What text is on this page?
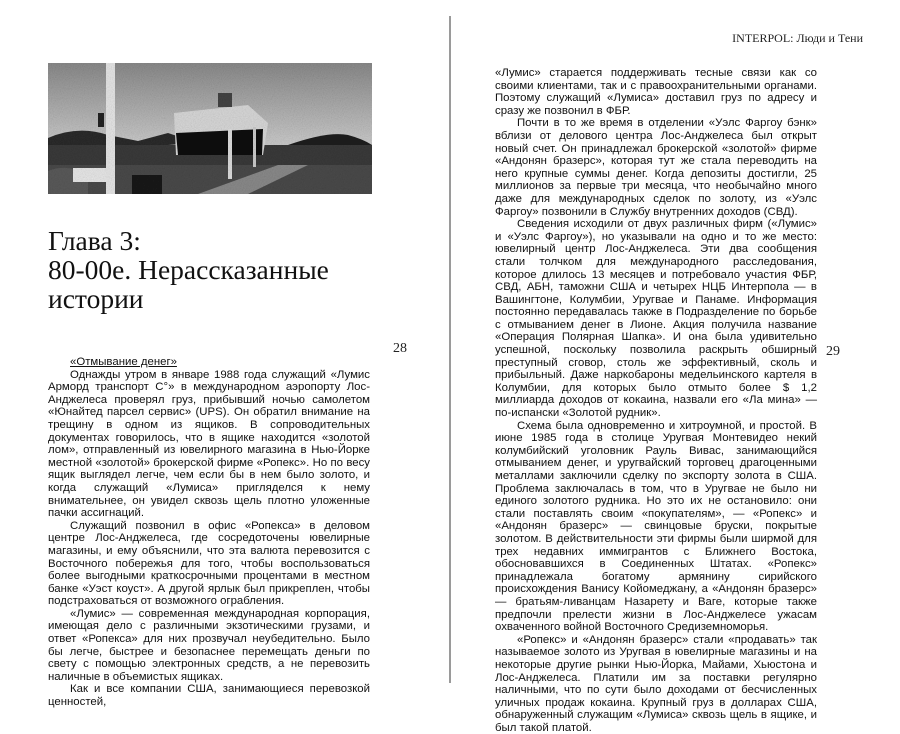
Глава 3:
80-00е. Нерассказанные
истории
28
«Отмывание денег»

Однажды утром в январе 1988 года служащий «Лумис Арморд транспорт С°» в международном аэропорту Лос-Анджелеса проверял груз, прибывший ночью самолетом «Юнайтед парсел сервис» (UPS). Он обратил внимание на трещину в одном из ящиков. В сопроводительных документах говорилось, что в ящике находится «золотой лом», отправленный из ювелирного магазина в Нью-Йорке местной «золотой» брокерской фирме «Ропекс». Но по весу ящик выглядел легче, чем если бы в нем было золото, и когда служащий «Лумиса» пригляделся к нему внимательнее, он увидел сквозь щель плотно уложенные пачки ассигнаций.

Служащий позвонил в офис «Ропекса» в деловом центре Лос-Анджелеса, где сосредоточены ювелирные магазины, и ему объяснили, что эта валюта перевозится с Восточного побережья для того, чтобы воспользоваться более выгодными краткосрочными процентами в местном банке «Уэст коуст». А другой ярлык был прикреплен, чтобы подстраховаться от возможного ограбления.

«Лумис» — современная международная корпорация, имеющая дело с различными экзотическими грузами, и ответ «Ропекса» для них прозвучал неубедительно. Было бы легче, быстрее и безопаснее перемещать деньги по свету с помощью электронных средств, а не перевозить наличные в объемистых ящиках.

Как и все компании США, занимающиеся перевозкой ценностей,

INTERPOL: Люди и Тени
29

«Лумис» старается поддерживать тесные связи как со своими клиентами, так и с правоохранительными органами. Поэтому служащий «Лумиса» доставил груз по адресу и сразу же позвонил в ФБР.

Почти в то же время в отделении «Уэлс Фаргоу бэнк» вблизи от делового центра Лос-Анджелеса был открыт новый счет. Он принадлежал брокерской «золотой» фирме «Андонян бразерс», которая тут же стала переводить на него крупные суммы денег. Когда депозиты достигли, 25 миллионов за первые три месяца, что необычайно много даже для международных сделок по золоту, из «Уэлс Фаргоу» позвонили в Службу внутренних доходов (СВД).

Сведения исходили от двух различных фирм («Лумис» и «Уэлс Фаргоу»), но указывали на одно и то же место: ювелирный центр Лос-Анджелеса. Эти два сообщения стали толчком для международного расследования, которое длилось 13 месяцев и потребовало участия ФБР, СВД, АБН, таможни США и четырех НЦБ Интерпола — в Вашингтоне, Колумбии, Уругвае и Панаме. Информация постоянно передавалась также в Подразделение по борьбе с отмыванием денег в Лионе. Акция получила название «Операция Полярная Шапка». И она была удивительно успешной, поскольку позволила раскрыть обширный преступный сговор, столь же эффективный, сколь и прибыльный. Даже наркобароны медельинского картеля в Колумбии, для которых было отмыто более $ 1,2 миллиарда доходов от кокаина, назвали его «Ла мина» — по-испански «Золотой рудник».

Схема была одновременно и хитроумной, и простой. В июне 1985 года в столице Уругвая Монтевидео некий колумбийский уголовник Рауль Вивас, занимающийся отмыванием денег, и уругвайский торговец драгоценными металлами заключили сделку по экспорту золота в США. Проблема заключалась в том, что в Уругвае не было ни единого золотого рудника. Но это их не остановило: они стали поставлять своим «покупателям», — «Ропекс» и «Андонян бразерс» — свинцовые бруски, покрытые золотом. В действительности эти фирмы были ширмой для трех недавних иммигрантов с Ближнего Востока, обосновавшихся в Соединенных Штатах. «Ропекс» принадлежала богатому армянину сирийского происхождения Ванису Койомеджану, а «Андонян бразерс» — братьям-ливанцам Назарету и Ваге, которые также предпочли прелести жизни в Лос-Анджелесе ужасам охваченного войной Восточного Средиземноморья.

«Ропекс» и «Андонян бразерс» стали «продавать» так называемое золото из Уругвая в ювелирные магазины и на некоторые другие рынки Нью-Йорка, Майами, Хьюстона и Лос-Анджелеса. Платили им за поставки регулярно наличными, что по сути было доходами от бесчисленных уличных продаж кокаина. Крупный груз в долларах США, обнаруженный служащим «Лумиса» сквозь щель в ящике, и был такой платой.
